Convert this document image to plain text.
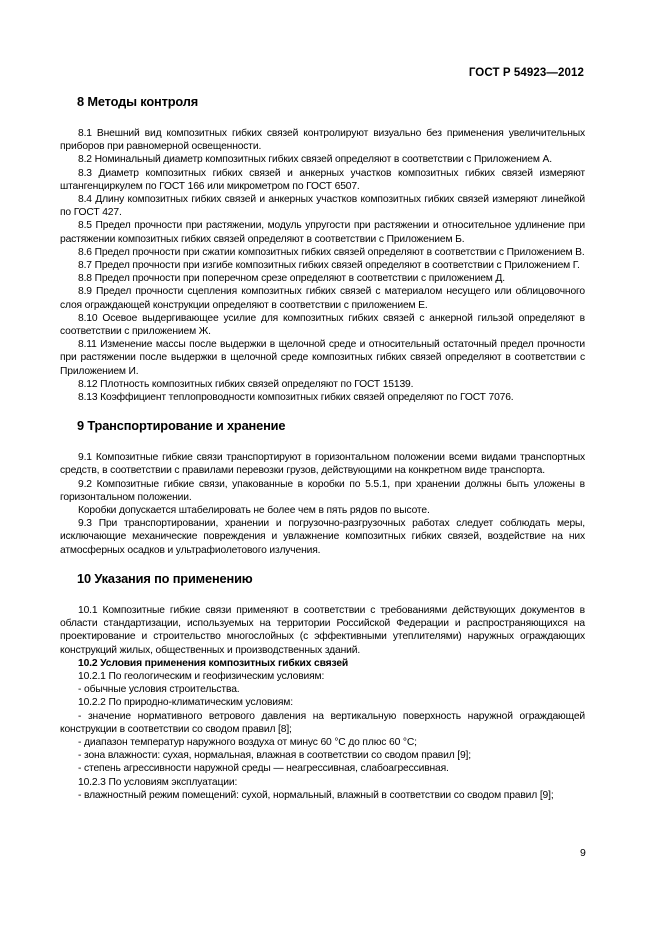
ГОСТ Р 54923—2012
8 Методы контроля
8.1 Внешний вид композитных гибких связей контролируют визуально без применения увеличительных приборов при равномерной освещенности.
8.2 Номинальный диаметр композитных гибких связей определяют в соответствии с Приложением А.
8.3 Диаметр композитных гибких связей и анкерных участков композитных гибких связей измеряют штангенциркулем по ГОСТ 166 или микрометром по ГОСТ 6507.
8.4 Длину композитных гибких связей и анкерных участков композитных гибких связей измеряют линейкой по ГОСТ 427.
8.5 Предел прочности при растяжении, модуль упругости при растяжении и относительное удлинение при растяжении композитных гибких связей определяют в соответствии с Приложением Б.
8.6 Предел прочности при сжатии композитных гибких связей определяют в соответствии с Приложением В.
8.7 Предел прочности при изгибе композитных гибких связей определяют в соответствии с Приложением Г.
8.8 Предел прочности при поперечном срезе определяют в соответствии с приложением Д.
8.9 Предел прочности сцепления композитных гибких связей с материалом несущего или облицовочного слоя ограждающей конструкции определяют в соответствии с приложением Е.
8.10 Осевое выдергивающее усилие для композитных гибких связей с анкерной гильзой определяют в соответствии с приложением Ж.
8.11 Изменение массы после выдержки в щелочной среде и относительный остаточный предел прочности при растяжении после выдержки в щелочной среде композитных гибких связей определяют в соответствии с Приложением И.
8.12 Плотность композитных гибких связей определяют по ГОСТ 15139.
8.13 Коэффициент теплопроводности композитных гибких связей определяют по ГОСТ 7076.
9 Транспортирование и хранение
9.1 Композитные гибкие связи транспортируют в горизонтальном положении всеми видами транспортных средств, в соответствии с правилами перевозки грузов, действующими на конкретном виде транспорта.
9.2 Композитные гибкие связи, упакованные в коробки по 5.5.1, при хранении должны быть уложены в горизонтальном положении.
Коробки допускается штабелировать не более чем в пять рядов по высоте.
9.3 При транспортировании, хранении и погрузочно-разгрузочных работах следует соблюдать меры, исключающие механические повреждения и увлажнение композитных гибких связей, воздействие на них атмосферных осадков и ультрафиолетового излучения.
10 Указания по применению
10.1 Композитные гибкие связи применяют в соответствии с требованиями действующих документов в области стандартизации, используемых на территории Российской Федерации и распространяющихся на проектирование и строительство многослойных (с эффективными утеплителями) наружных ограждающих конструкций жилых, общественных и производственных зданий.
10.2 Условия применения композитных гибких связей
10.2.1 По геологическим и геофизическим условиям:
- обычные условия строительства.
10.2.2 По природно-климатическим условиям:
- значение нормативного ветрового давления на вертикальную поверхность наружной ограждающей конструкции в соответствии со сводом правил [8];
- диапазон температур наружного воздуха от минус 60 °С до плюс 60 °С;
- зона влажности: сухая, нормальная, влажная в соответствии со сводом правил [9];
- степень агрессивности наружной среды — неагрессивная, слабоагрессивная.
10.2.3 По условиям эксплуатации:
- влажностный режим помещений: сухой, нормальный, влажный в соответствии со сводом правил [9];
9
